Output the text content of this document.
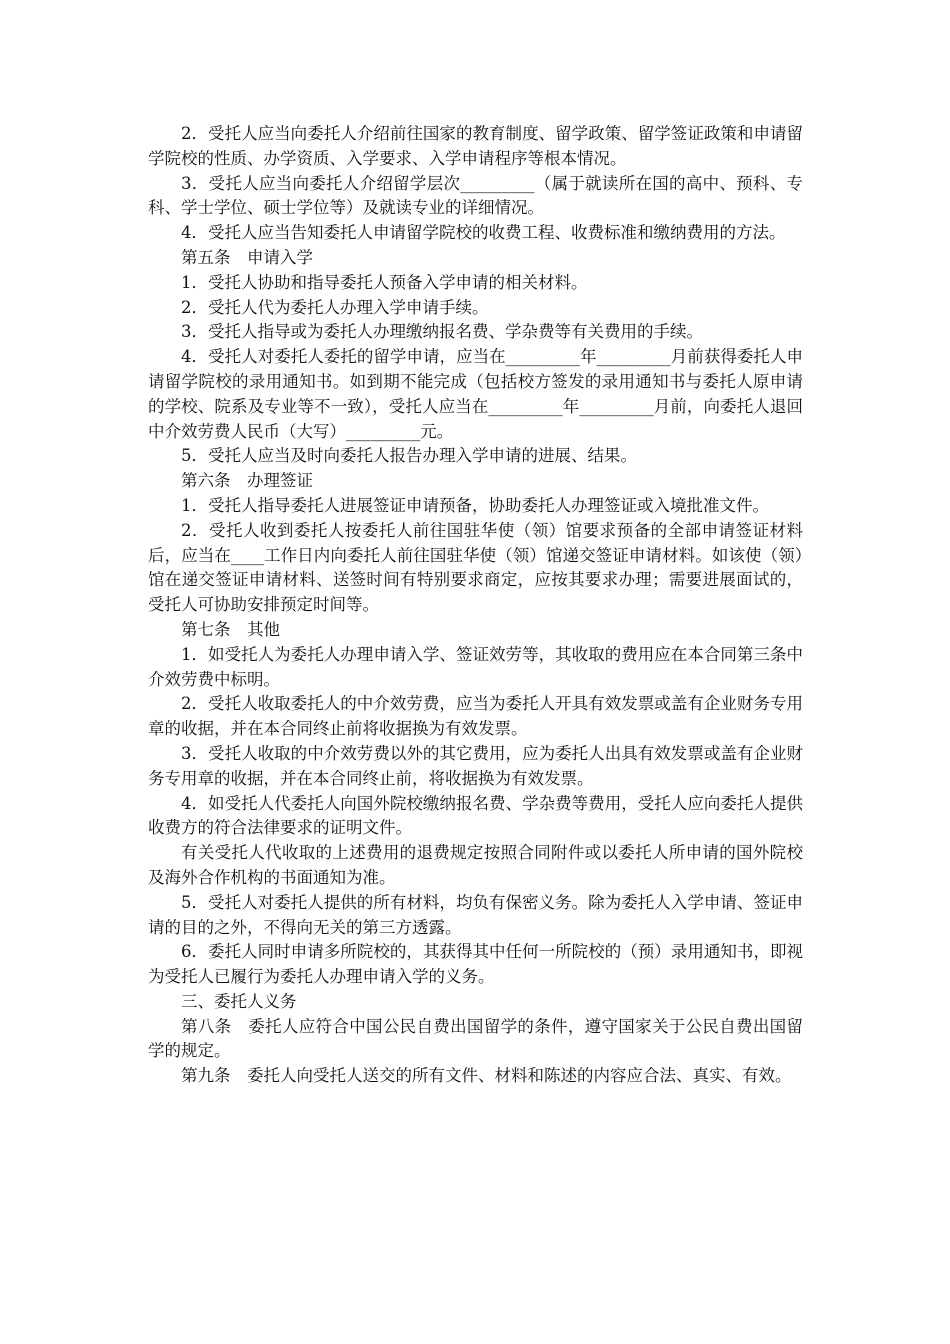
2．受托人应当向委托人介绍前往国家的教育制度、留学政策、留学签证政策和申请留学院校的性质、办学资质、入学要求、入学申请程序等根本情况。

3．受托人应当向委托人介绍留学层次_________（属于就读所在国的高中、预科、专科、学士学位、硕士学位等）及就读专业的详细情况。

4．受托人应当告知委托人申请留学院校的收费工程、收费标准和缴纳费用的方法。

第五条　申请入学

1．受托人协助和指导委托人预备入学申请的相关材料。

2．受托人代为委托人办理入学申请手续。

3．受托人指导或为委托人办理缴纳报名费、学杂费等有关费用的手续。

4．受托人对委托人委托的留学申请，应当在_________年_________月前获得委托人申请留学院校的录用通知书。如到期不能完成（包括校方签发的录用通知书与委托人原申请的学校、院系及专业等不一致），受托人应当在_________年_________月前，向委托人退回中介效劳费人民币（大写）_________元。

5．受托人应当及时向委托人报告办理入学申请的进展、结果。

第六条　办理签证

1．受托人指导委托人进展签证申请预备，协助委托人办理签证或入境批准文件。

2．受托人收到委托人按委托人前往国驻华使（领）馆要求预备的全部申请签证材料后，应当在____工作日内向委托人前往国驻华使（领）馆递交签证申请材料。如该使（领）馆在递交签证申请材料、送签时间有特别要求商定，应按其要求办理；需要进展面试的，受托人可协助安排预定时间等。

第七条　其他

1．如受托人为委托人办理申请入学、签证效劳等，其收取的费用应在本合同第三条中介效劳费中标明。

2．受托人收取委托人的中介效劳费，应当为委托人开具有效发票或盖有企业财务专用章的收据，并在本合同终止前将收据换为有效发票。

3．受托人收取的中介效劳费以外的其它费用，应为委托人出具有效发票或盖有企业财务专用章的收据，并在本合同终止前，将收据换为有效发票。

4．如受托人代委托人向国外院校缴纳报名费、学杂费等费用，受托人应向委托人提供收费方的符合法律要求的证明文件。

有关受托人代收取的上述费用的退费规定按照合同附件或以委托人所申请的国外院校及海外合作机构的书面通知为准。

5．受托人对委托人提供的所有材料，均负有保密义务。除为委托人入学申请、签证申请的目的之外，不得向无关的第三方透露。

6．委托人同时申请多所院校的，其获得其中任何一所院校的（预）录用通知书，即视为受托人已履行为委托人办理申请入学的义务。

三、委托人义务

第八条　委托人应符合中国公民自费出国留学的条件，遵守国家关于公民自费出国留学的规定。

第九条　委托人向受托人送交的所有文件、材料和陈述的内容应合法、真实、有效。
